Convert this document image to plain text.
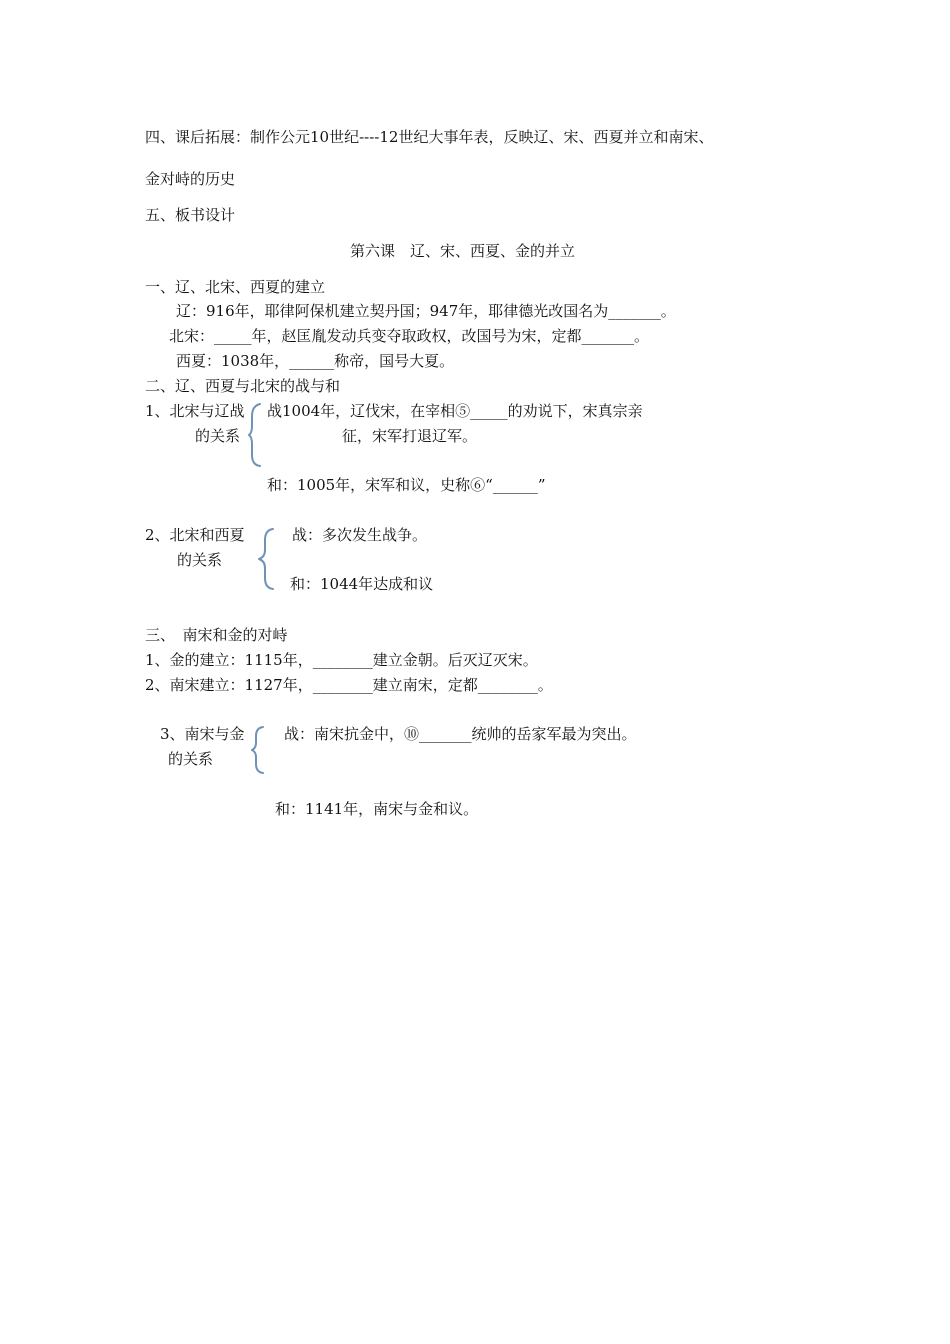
四、课后拓展：制作公元10世纪----12世纪大事年表，反映辽、宋、西夏并立和南宋、
金对峙的历史
五、板书设计
第六课　辽、宋、西夏、金的并立
一、辽、北宋、西夏的建立
辽：916年，耶律阿保机建立契丹国；947年，耶律德光改国名为_______。
北宋：_____年，赵匡胤发动兵变夺取政权，改国号为宋，定都_______。
西夏：1038年，______称帝，国号大夏。
二、辽、西夏与北宋的战与和
1、北宋与辽战
的关系
战1004年，辽伐宋，在宰相⑤_____的劝说下，宋真宗亲
征，宋军打退辽军。
和：1005年，宋军和议，史称⑥“______”
2、北宋和西夏
的关系
战：多次发生战争。
和：1044年达成和议
三、　南宋和金的对峙
1、金的建立：1115年，________建立金朝。后灭辽灭宋。
2、南宋建立：1127年，________建立南宋，定都________。
3、南宋与金
的关系
战：南宋抗金中，⑩_______统帅的岳家军最为突出。
和：1141年，南宋与金和议。
